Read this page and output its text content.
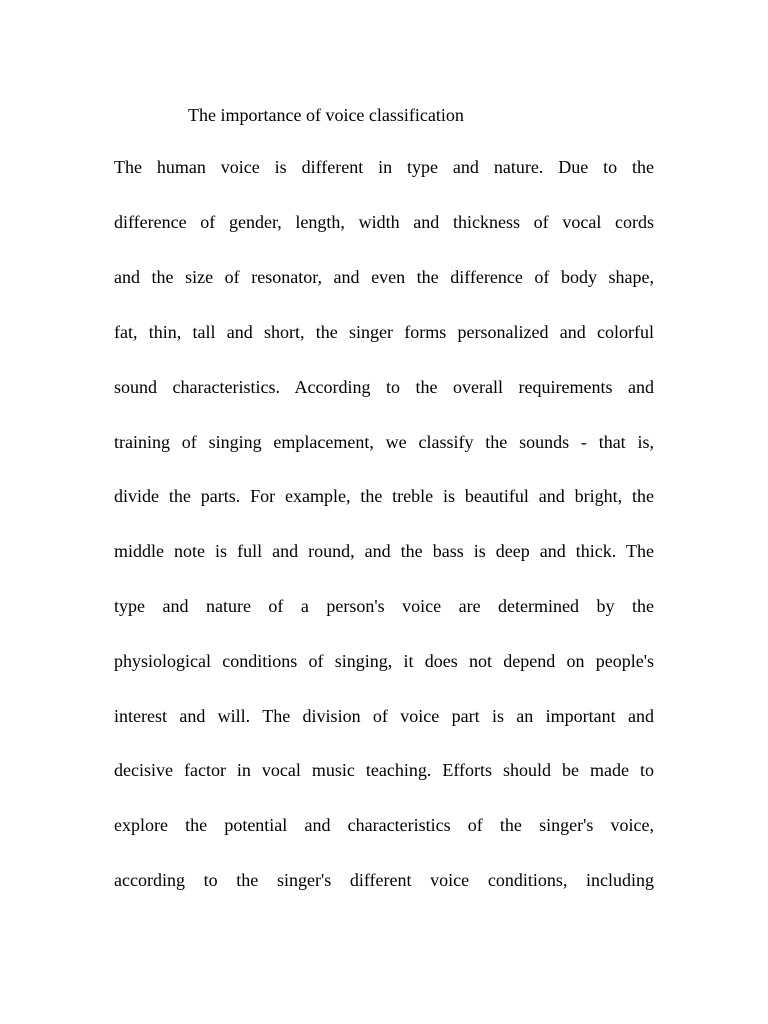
The importance of voice classification

The human voice is different in type and nature. Due to the

difference of gender, length, width and thickness of vocal cords

and the size of resonator, and even the difference of body shape,

fat, thin, tall and short, the singer forms personalized and colorful

sound characteristics. According to the overall requirements and

training of singing emplacement, we classify the sounds - that is,

divide the parts. For example, the treble is beautiful and bright, the

middle note is full and round, and the bass is deep and thick. The

type and nature of a person's voice are determined by the

physiological conditions of singing, it does not depend on people's

interest and will. The division of voice part is an important and

decisive factor in vocal music teaching. Efforts should be made to

explore the potential and characteristics of the singer's voice,

according to the singer's different voice conditions, including
